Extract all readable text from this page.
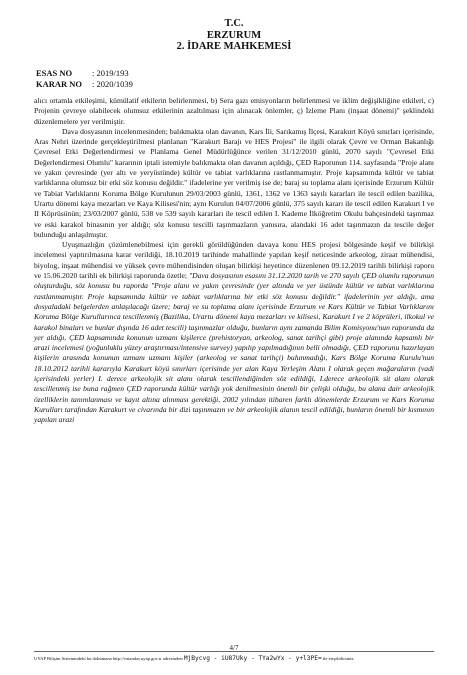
T.C.
ERZURUM
2. İDARE MAHKEMESİ
ESAS NO	: 2019/193
KARAR NO	: 2020/1039

alıcı ortamla etkileşimi, kümülatif etkilerin belirlenmesi, b) Sera gazı emisyonların belirlenmesi ve iklim değişikliğine etkileri, c) Projenin çevreye olabilecek olumsuz etkilerinin azaltılması için alınacak önlemler, ç) İzleme Planı (inşaat dönemi)" şeklindeki düzenlemelere yer verilmiştir.

Dava dosyasının incelenmesinden; balıkmakta olan davanın, Kars İli, Sarıkamış İlçesi, Karakurt Köyü sınırları içerisinde, Aras Nehri üzerinde gerçekleştirilmesi planlanan "Karakurt Barajı ve HES Projesi" ile ilgili olarak Çevre ve Orman Bakanlığı Çevresel Etki Değerlendirmesi ve Planlama Genel Müdürlüğünce verilen 31/12/2010 günlü, 2070 sayılı "Çevresel Etki Değerlendirmesi Olumlu" kararının iptali istemiyle balıkmakta olan davanın açıldığı, ÇED Raporunun 114. sayfasında "Proje alanı ve yakın çevresinde (yer altı ve yeryüstünde) kültür ve tabiat varlıklarına rastlanmamıştır. Proje kapsamında kültür ve tabiat varlıklarına olumsuz bir etki söz konusu değildir." ifadelerine yer verilmiş ise de; baraj su toplama alanı içerisinde Erzurum Kültür ve Tabiat Varlıklarını Koruma Bölge Kurulunun 29/03/2003 günlü, 1361, 1362 ve 1363 sayılı kararları ile tescil edilen bazilika, Urartu dönemi kaya mezarları ve Kaya Kilisesi'nin; aynı Kurulun 04/07/2006 günlü, 375 sayılı kararı ile tescil edilen Karakurt I ve II Köprüsünün; 23/03/2007 günlü, 538 ve 539 sayılı kararları ile tescil edilen I. Kademe İlköğretim Okulu bahçesindeki taşınmaz ve eski karakol binasının yer aldığı; söz konusu tescilli taşınmazların yanısıra, alandaki 16 adet taşınmazın da tescile değer bulunduğu anlaşılmıştır.

Uyuşmazlığın çözümlenebilmesi için gerekli görüldüğünden davaya konu HES projesi bölgesinde keşif ve bilirkişi incelemesi yaptırılmasına karar verildiği, 18.10.2019 tarihinde mahallinde yapılan keşif neticesinde arkeolog, ziraat mühendisi, biyolog, inşaat mühendisi ve yüksek çevre mühendisinden oluşan bilirkişi heyetince düzenlenen 09.12.2019 tarihli bilirkişi raporu ve 15.06.2020 tarihli ek bilirkişi raporunda özetle; "Dava dosyasının esasını 31.12.2020 tarih ve 270 sayılı ÇED olumlu raporunun oluşturduğu, söz konusu bu raporda "Proje alanı ve yakın çevresinde (yer altında ve yer üstünde kültür ve tabiat varlıklarına rastlanmamıştır. Proje kapsamında kültür ve tabiat varlıklarına bir etki söz konusu değildir." ifadelerinin yer aldığı, ama dosyaladaki belgelerden anlaşılacağı üzere; baraj ve su toplama alanı içerisinde Erzurum ve Kars Kültür ve Tabiat Varlıklarını Koruma Bölge Kurullarınca tescillenmiş (Bazilika, Urartu dönemi kaya mezarları ve kilisesi, Karakurt I ve 2 köprüleri, ilkokul ve karakol binaları ve bunlar dışında 16 adet tescili) taşınmazlar olduğu, bunların aynı zamanda Bilim Komisyonu'nun raporunda da yer aldığı, ÇED kapsamında konunun uzmanı kişilerce (prehistoryan, arkeolog, sanat tarihçi gibi) proje alanında kapsamlı bir arazi incelemesi (yoğunluklu yüzey araştırması/intensive survey) yapılıp yapılmadığının belli olmadığı, ÇED raporunu hazırlayan kişilerin arasında konunun uzmanı uzmanı kişiler (arkeolog ve sanat tarihçi) bulunmadığı, Kars Bölge Koruma Kurulu'nun 18.10.2012 tarihli kararıyla Karakurt köyü sınırları içerisinde yer alan Kaya Yerleşim Alanı I olarak geçen mağaraların (vadi içerisindeki yerler) I. derece arkeolojik sit alanı olarak tescillendiğinden söz edildiği, I.derece arkeolojik sit alanı olarak tescillenmiş ise buna rağmen ÇED raporunda kültür varlığı yok denilmesinin önemli bir çelişki olduğu, bu alana dair arkeolojik özelliklerin tanımlanması ve kayıt altına alınması gerektiği, 2002 yılından itibaren farklı dönemlerde Erzurum ve Kars Koruma Kurulları tarafından Karakurt ve civarında bir dizi taşınmazın ve bir arkeolojik alanın tescil edildiği, bunların önemli bir kısmının yapılan arazi

4/7
UYAP Bilişim Sistemindeki bu dokümana http://vatandas.uyap.gov.tr adresinden MjBycvg - iU87Uky - TYa2wYx - y+l3PE= ile erişebilirsiniz.
